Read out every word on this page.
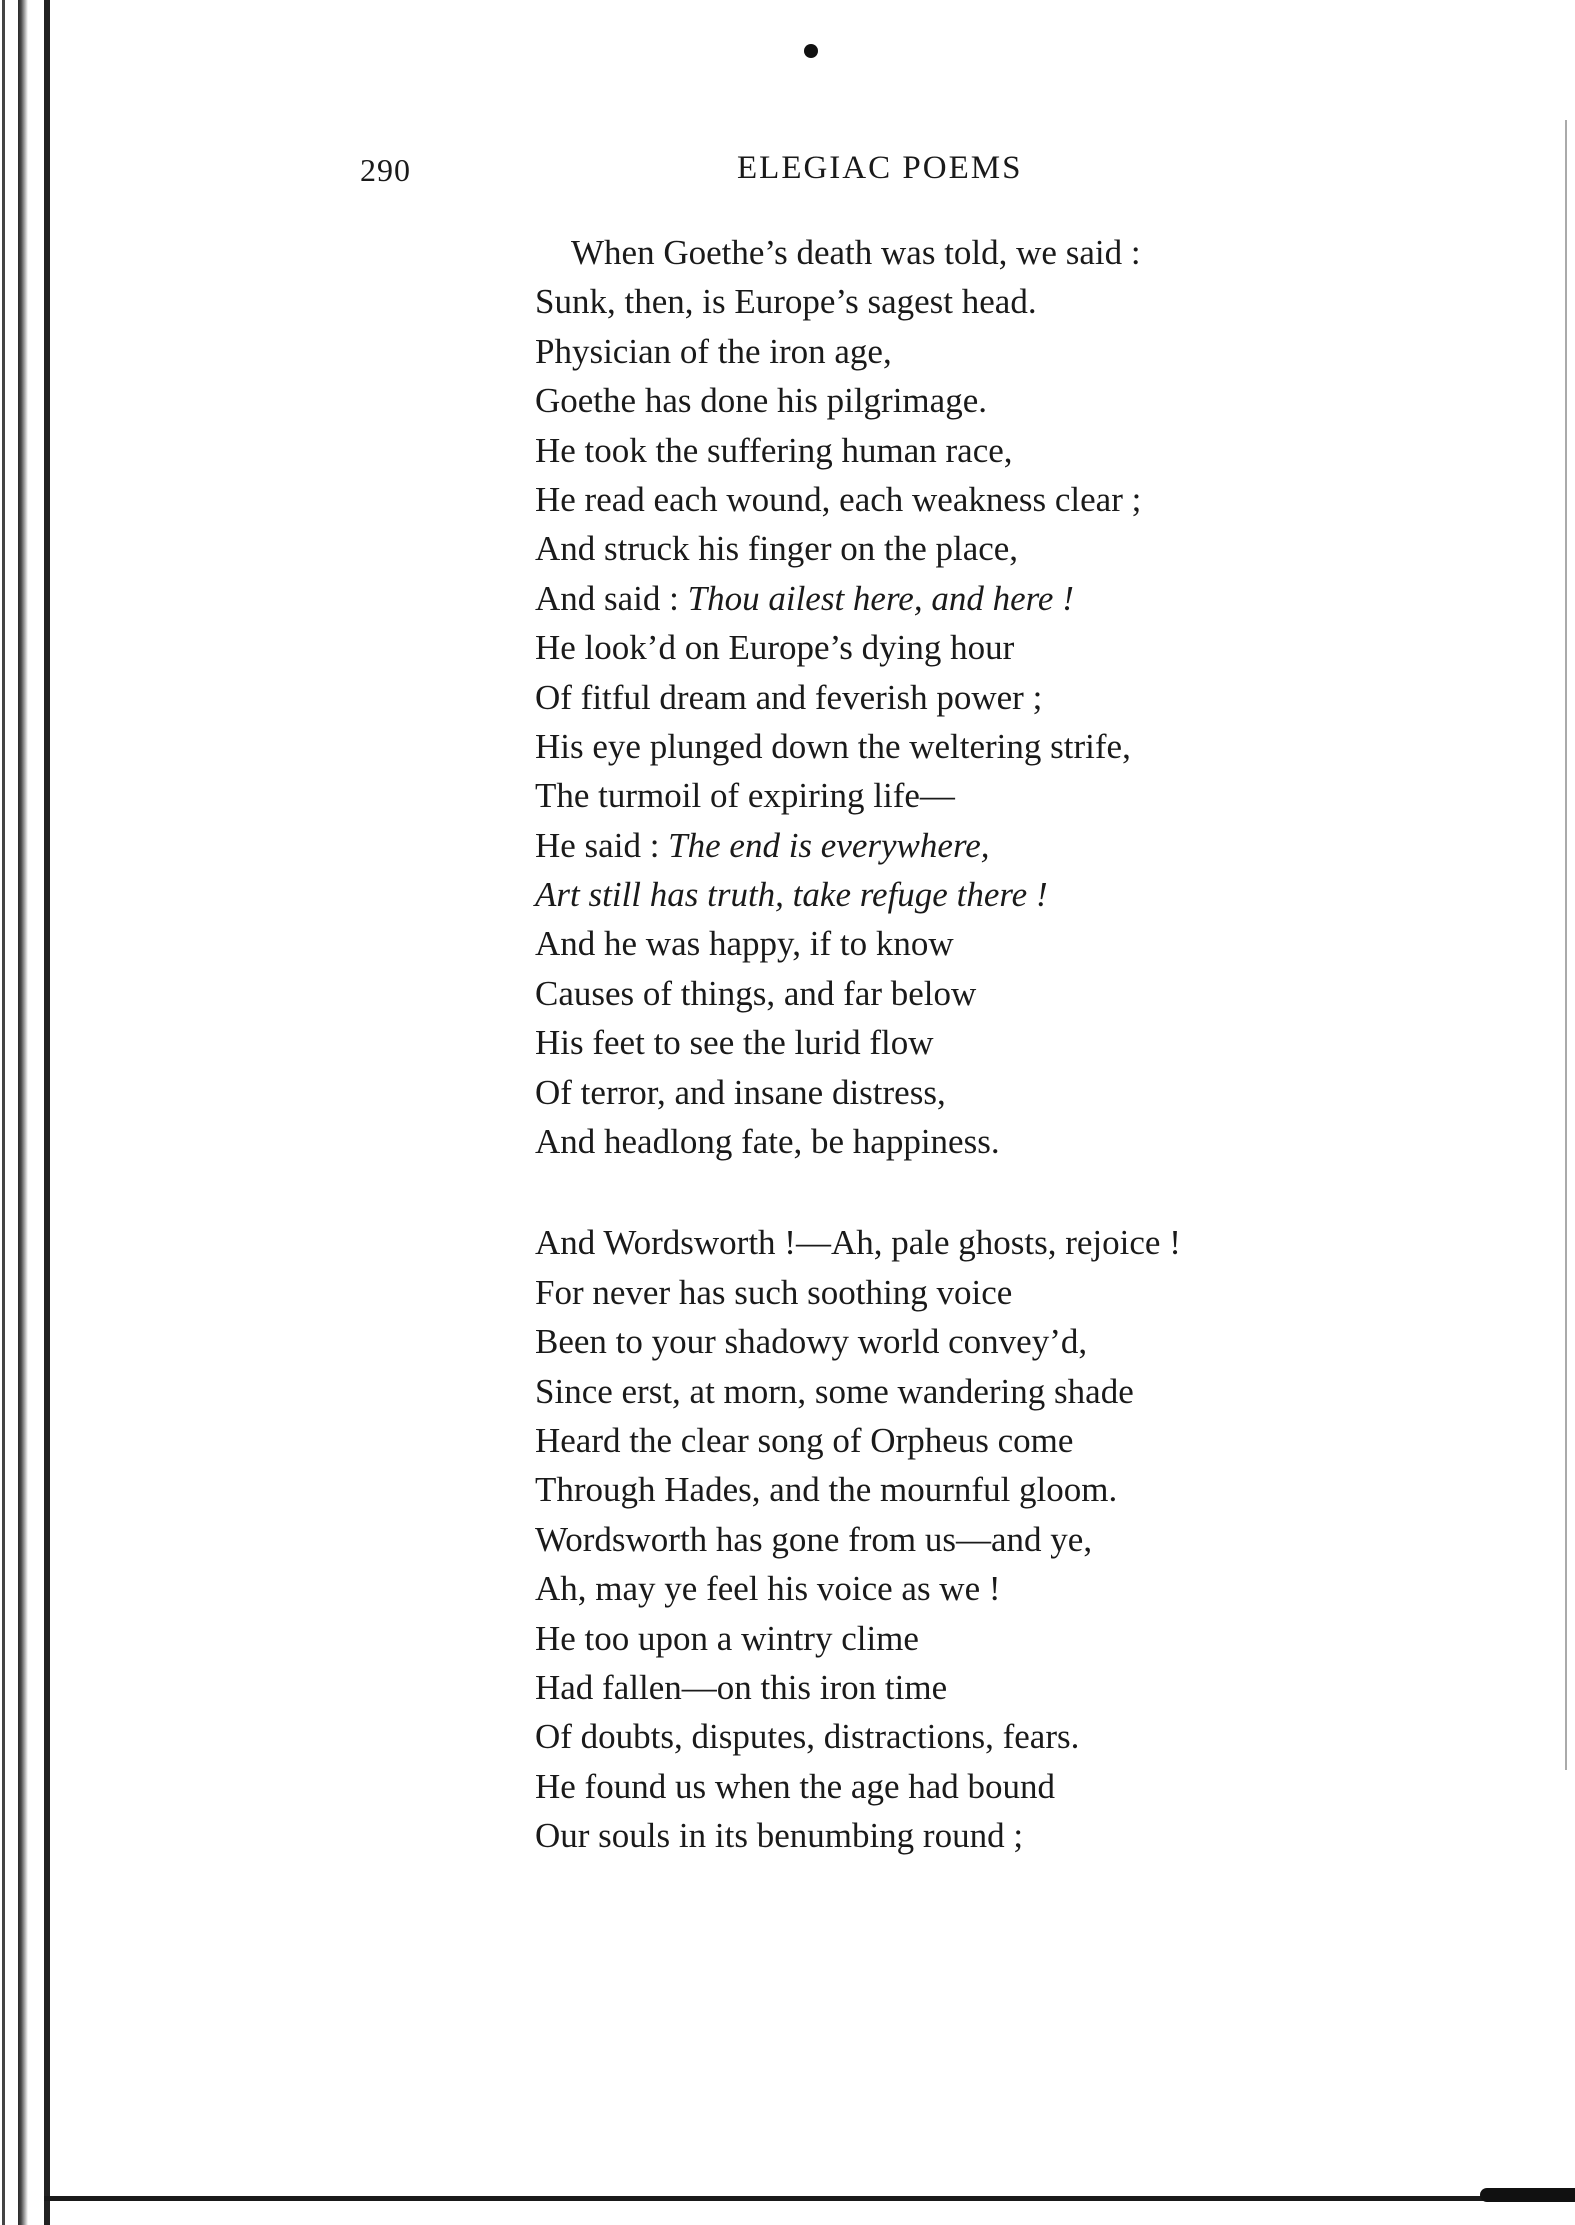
290	ELEGIAC POEMS
When Goethe’s death was told, we said :
Sunk, then, is Europe’s sagest head.
Physician of the iron age,
Goethe has done his pilgrimage.
He took the suffering human race,
He read each wound, each weakness clear ;
And struck his finger on the place,
And said : Thou ailest here, and here !
He look’d on Europe’s dying hour
Of fitful dream and feverish power ;
His eye plunged down the weltering strife,
The turmoil of expiring life—
He said : The end is everywhere,
Art still has truth, take refuge there !
And he was happy, if to know
Causes of things, and far below
His feet to see the lurid flow
Of terror, and insane distress,
And headlong fate, be happiness.
And Wordsworth !—Ah, pale ghosts, rejoice !
For never has such soothing voice
Been to your shadowy world convey’d,
Since erst, at morn, some wandering shade
Heard the clear song of Orpheus come
Through Hades, and the mournful gloom.
Wordsworth has gone from us—and ye,
Ah, may ye feel his voice as we !
He too upon a wintry clime
Had fallen—on this iron time
Of doubts, disputes, distractions, fears.
He found us when the age had bound
Our souls in its benumbing round ;
